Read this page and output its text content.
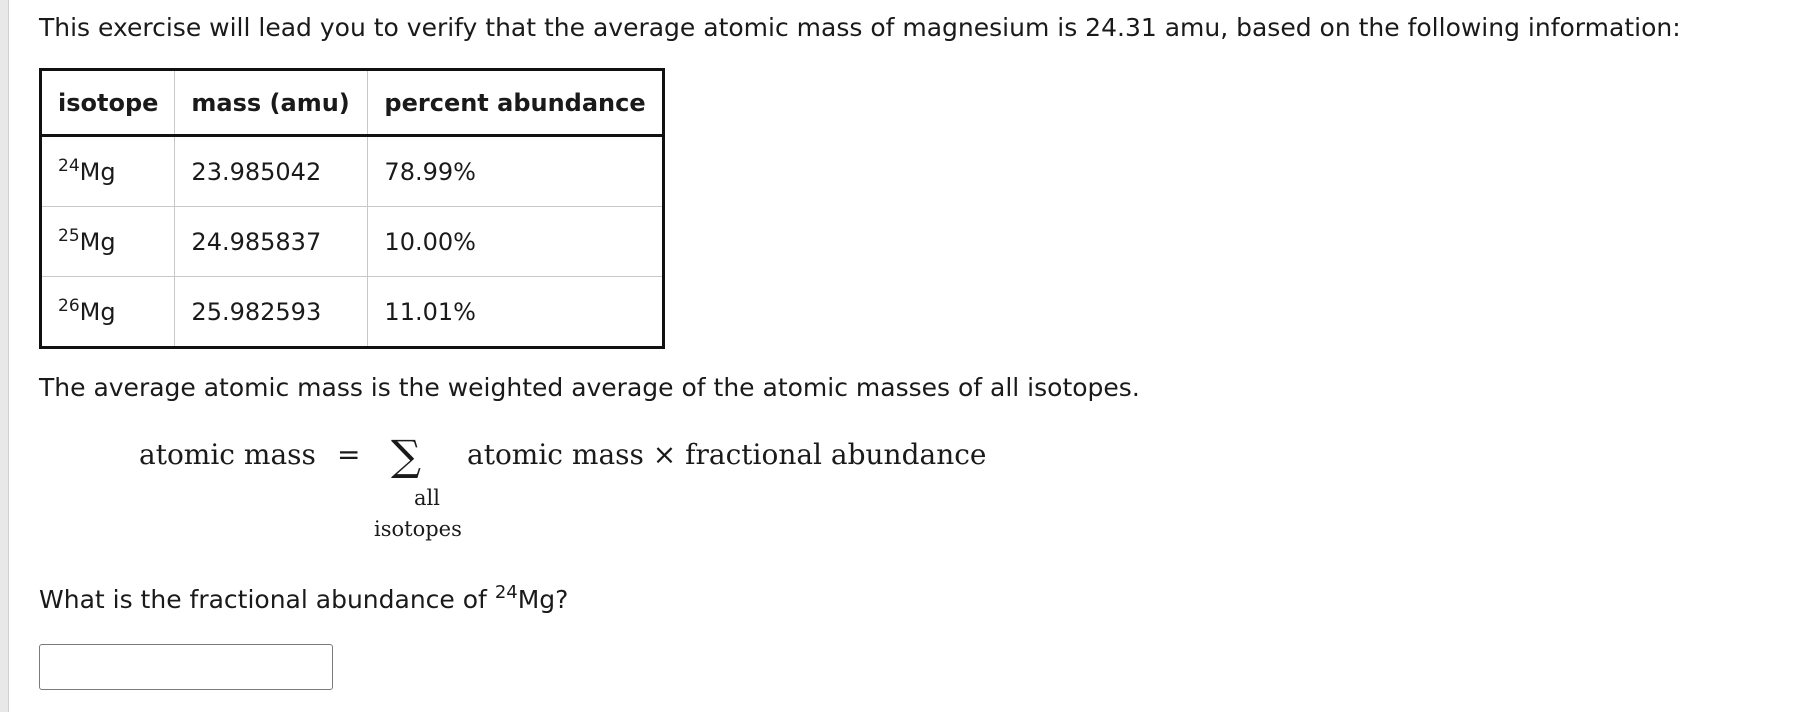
This exercise will lead you to verify that the average atomic mass of magnesium is 24.31 amu, based on the following information:
isotope	mass (amu)	percent abundance
$^{24}$Mg	23.985042	78.99%
$^{25}$Mg	24.985837	10.00%
$^{26}$Mg	25.982593	11.01%
The average atomic mass is the weighted average of the atomic masses of all isotopes.
atomic mass = ∑
all
isotopes
atomic mass × fractional abundance
What is the fractional abundance of $^{24}$Mg?
